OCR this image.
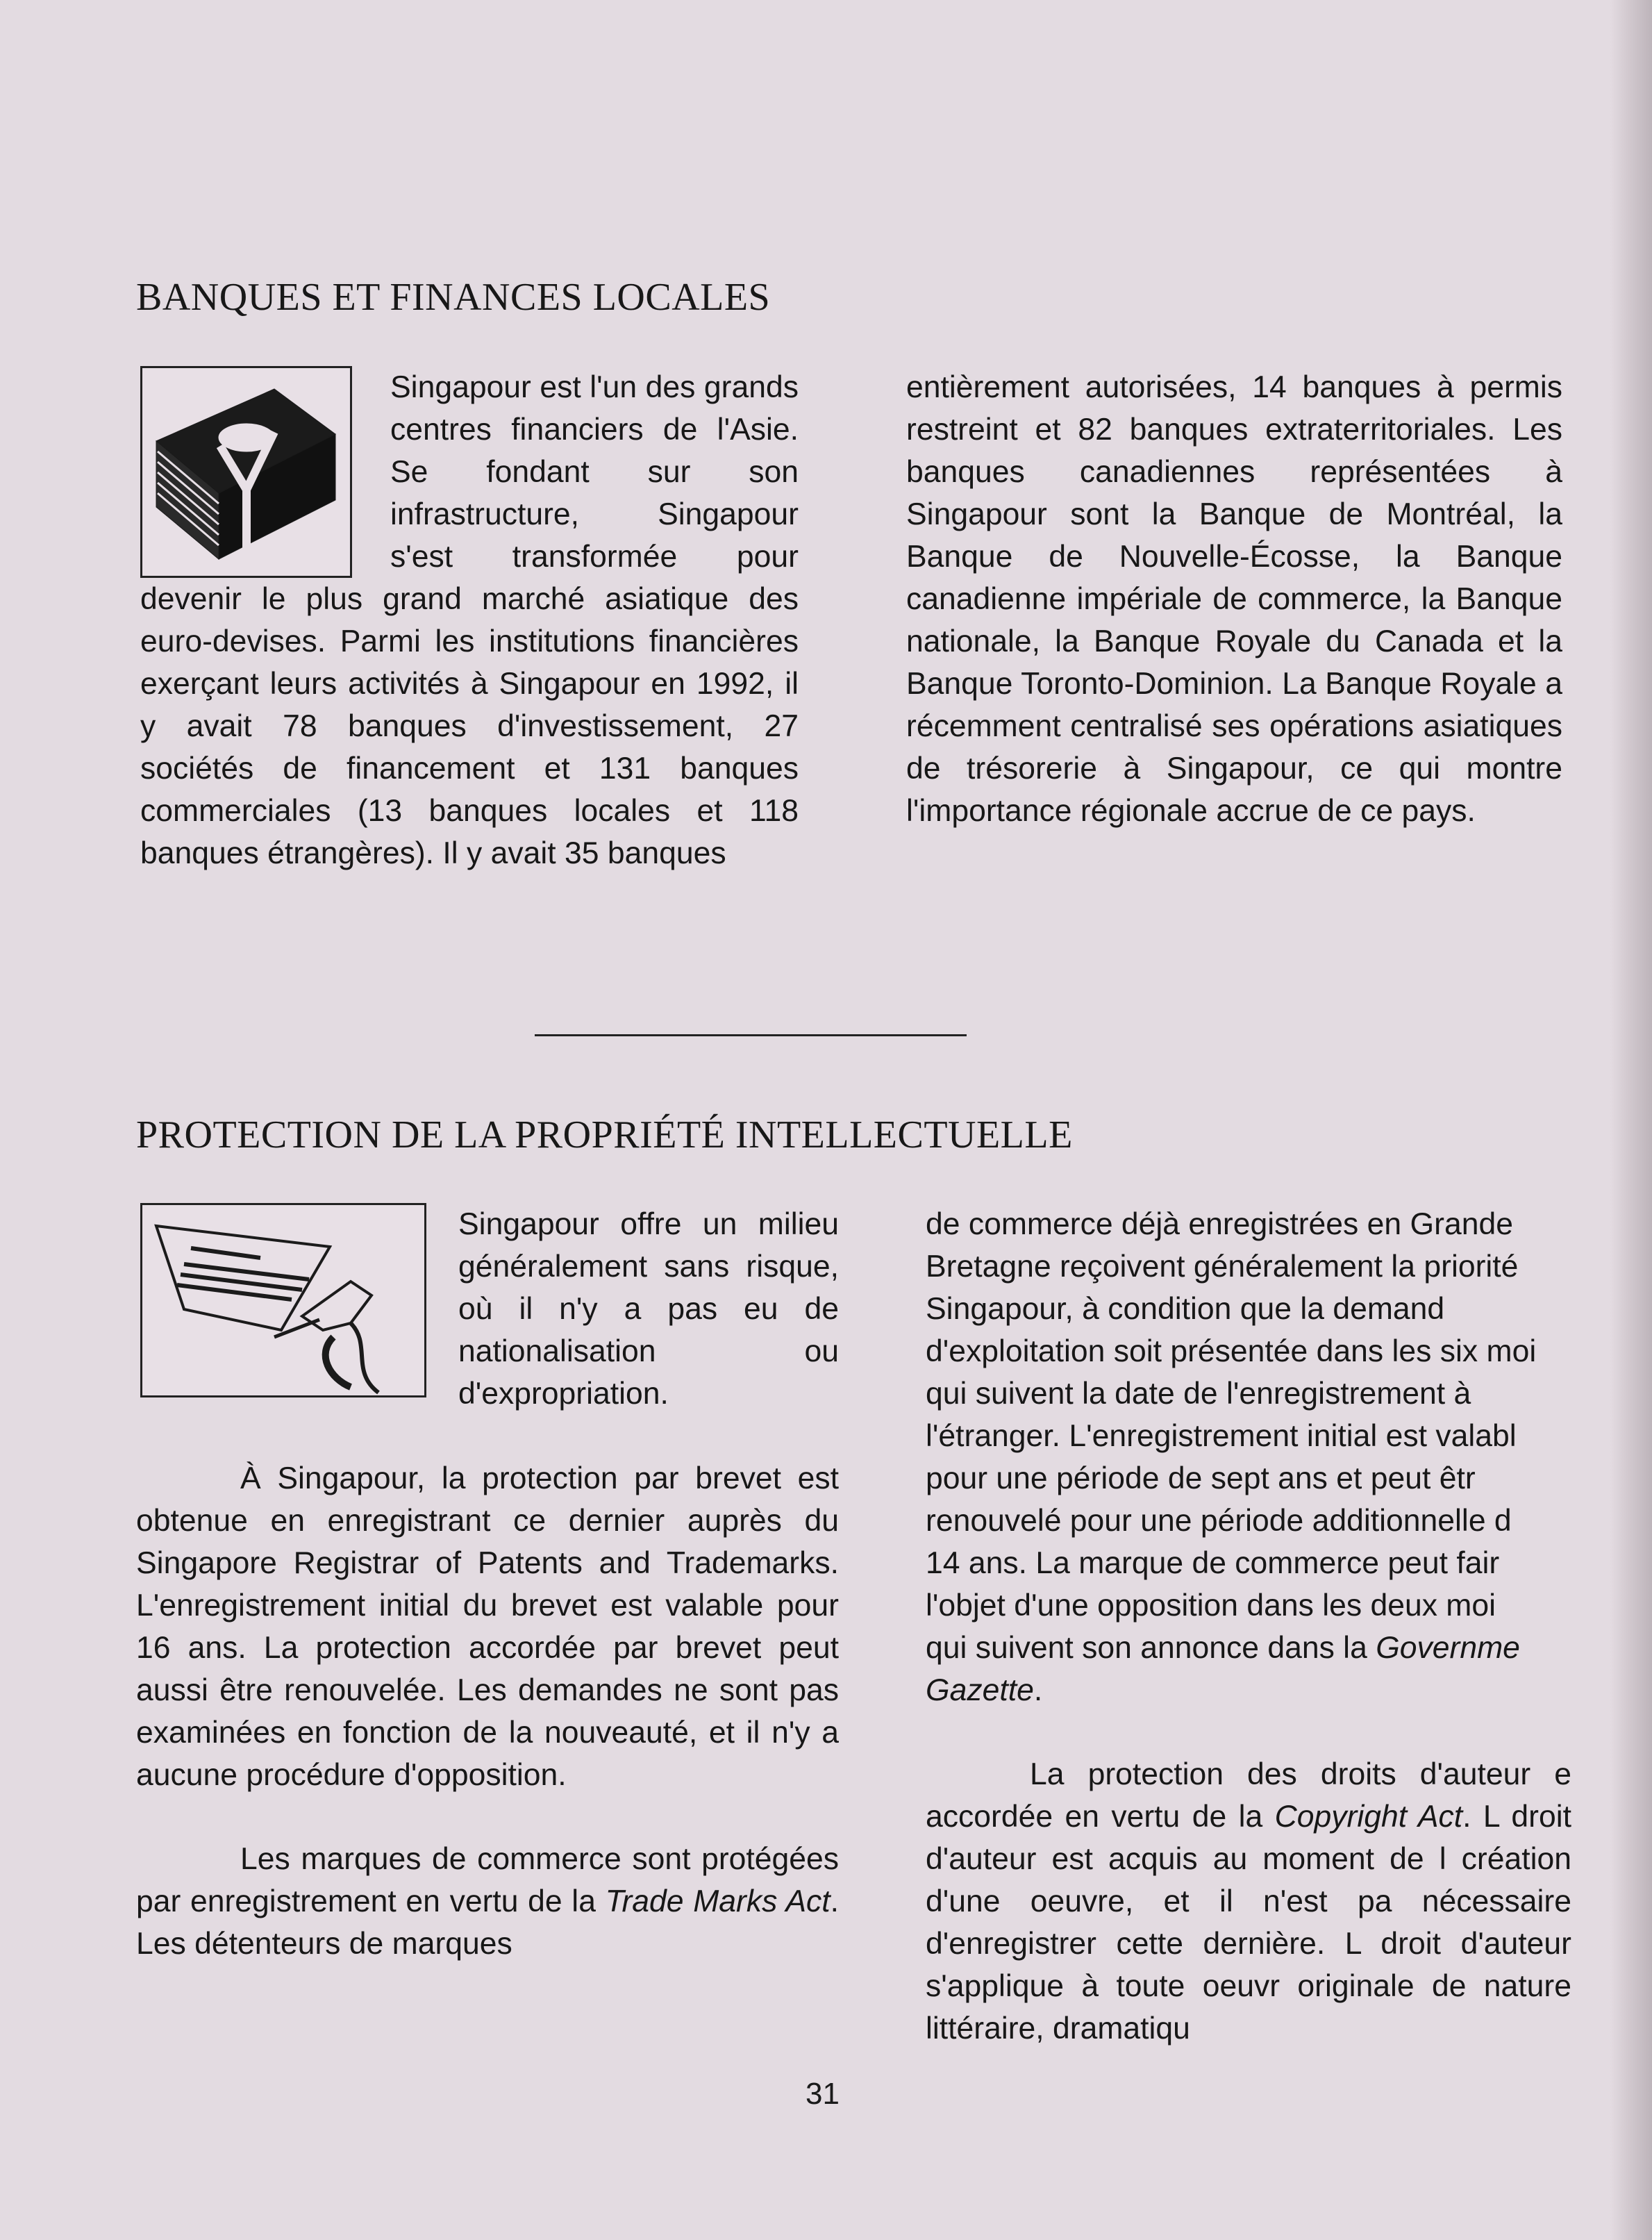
BANQUES ET FINANCES LOCALES

Singapour est l'un des grands centres financiers de l'Asie. Se fondant sur son infrastructure, Singapour s'est transformée pour devenir le plus grand marché asiatique des euro-devises. Parmi les institutions financières exerçant leurs activités à Singapour en 1992, il y avait 78 banques d'investissement, 27 sociétés de financement et 131 banques commerciales (13 banques locales et 118 banques étrangères). Il y avait 35 banques

entièrement autorisées, 14 banques à permis restreint et 82 banques extraterritoriales. Les banques canadiennes représentées à Singapour sont la Banque de Montréal, la Banque de Nouvelle-Écosse, la Banque canadienne impériale de commerce, la Banque nationale, la Banque Royale du Canada et la Banque Toronto-Dominion. La Banque Royale a récemment centralisé ses opérations asiatiques de trésorerie à Singapour, ce qui montre l'importance régionale accrue de ce pays.

PROTECTION DE LA PROPRIÉTÉ INTELLECTUELLE

Singapour offre un milieu généralement sans risque, où il n'y a pas eu de nationalisation ou d'expropriation.

À Singapour, la protection par brevet est obtenue en enregistrant ce dernier auprès du Singapore Registrar of Patents and Trademarks. L'enregistrement initial du brevet est valable pour 16 ans. La protection accordée par brevet peut aussi être renouvelée. Les demandes ne sont pas examinées en fonction de la nouveauté, et il n'y a aucune procédure d'opposition.

Les marques de commerce sont protégées par enregistrement en vertu de la Trade Marks Act. Les détenteurs de marques

de commerce déjà enregistrées en Grande
Bretagne reçoivent généralement la priorité
Singapour, à condition que la demand
d'exploitation soit présentée dans les six moi
qui suivent la date de l'enregistrement à
l'étranger. L'enregistrement initial est valabl
pour une période de sept ans et peut êtr
renouvelé pour une période additionnelle d
14 ans. La marque de commerce peut fair
l'objet d'une opposition dans les deux moi
qui suivent son annonce dans la Governme
Gazette.

La protection des droits d'auteur e accordée en vertu de la Copyright Act. L droit d'auteur est acquis au moment de l création d'une oeuvre, et il n'est pa nécessaire d'enregistrer cette dernière. L droit d'auteur s'applique à toute oeuvr originale de nature littéraire, dramatiqu

31
